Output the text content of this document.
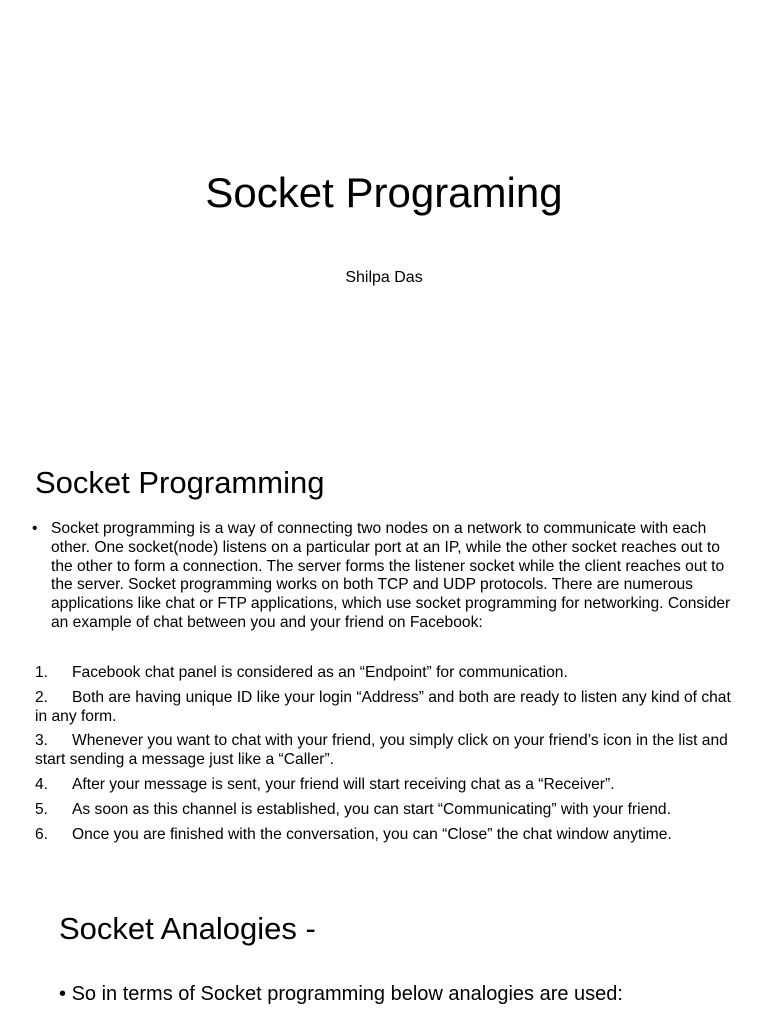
Socket Programing
Shilpa Das
Socket Programming
• Socket programming is a way of connecting two nodes on a network to communicate with each other. One socket(node) listens on a particular port at an IP, while the other socket reaches out to the other to form a connection. The server forms the listener socket while the client reaches out to the server. Socket programming works on both TCP and UDP protocols. There are numerous applications like chat or FTP applications, which use socket programming for networking. Consider an example of chat between you and your friend on Facebook:
1. Facebook chat panel is considered as an “Endpoint” for communication.
2. Both are having unique ID like your login “Address” and both are ready to listen any kind of chat in any form.
3. Whenever you want to chat with your friend, you simply click on your friend’s icon in the list and start sending a message just like a “Caller”.
4. After your message is sent, your friend will start receiving chat as a “Receiver”.
5. As soon as this channel is established, you can start “Communicating” with your friend.
6. Once you are finished with the conversation, you can “Close” the chat window anytime.
Socket Analogies -
• So in terms of Socket programming below analogies are used:
